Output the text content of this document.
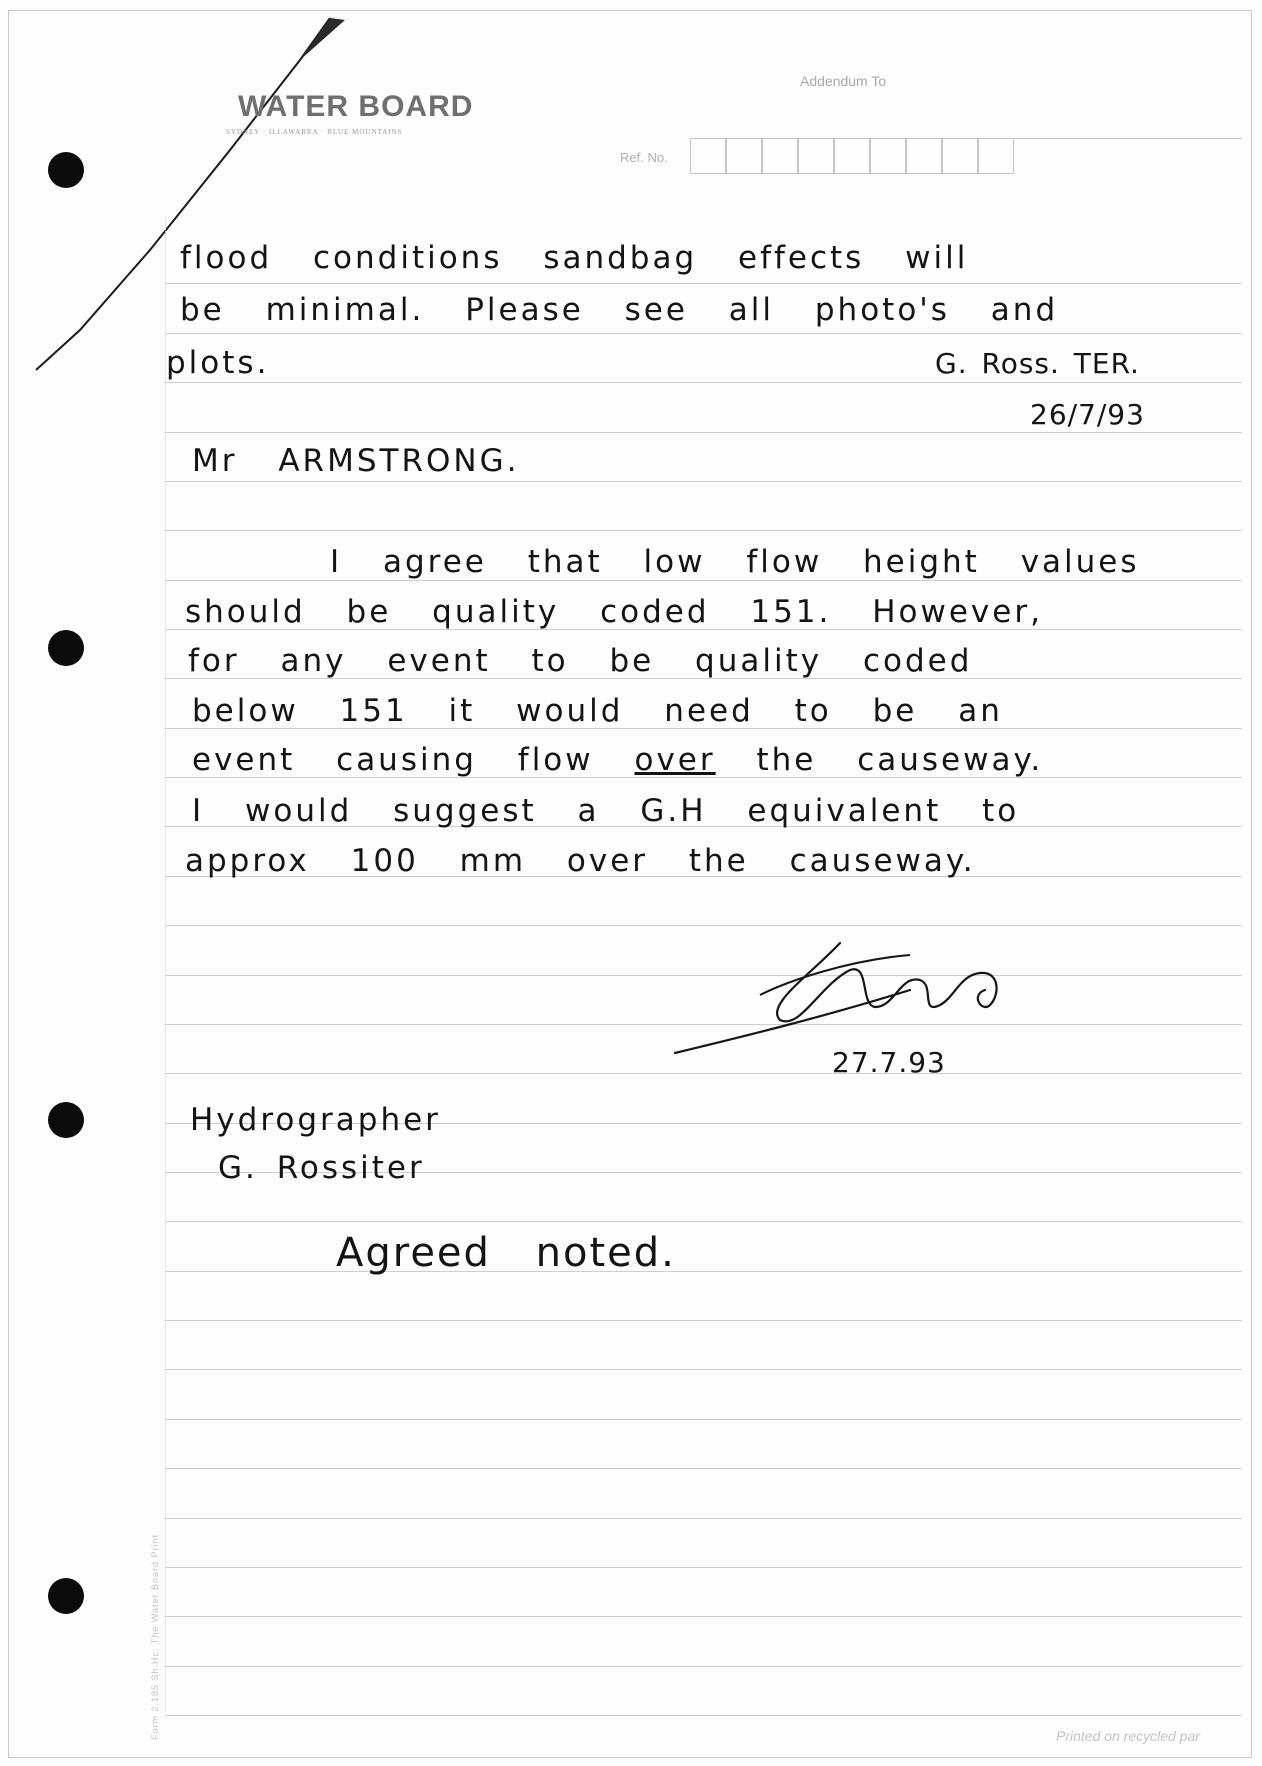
WATER BOARD
SYDNEY · ILLAWARRA · BLUE MOUNTAINS
Addendum To
Ref. No.
flood conditions sandbag effects will
be minimal. Please see all photo's and
plots.	G. Ross. TER.
26/7/93
Mr ARMSTRONG.
I agree that low flow height values
should be quality coded 151. However,
for any event to be quality coded
below 151 it would need to be an
event causing flow over the causeway.
I would suggest a G.H equivalent to
approx 100 mm over the causeway.
27.7.93
Hydrographer
G. Rossiter
Agreed noted.
Form 2.185 Sh.Hc. The Water Board Print	Printed on recycled par
